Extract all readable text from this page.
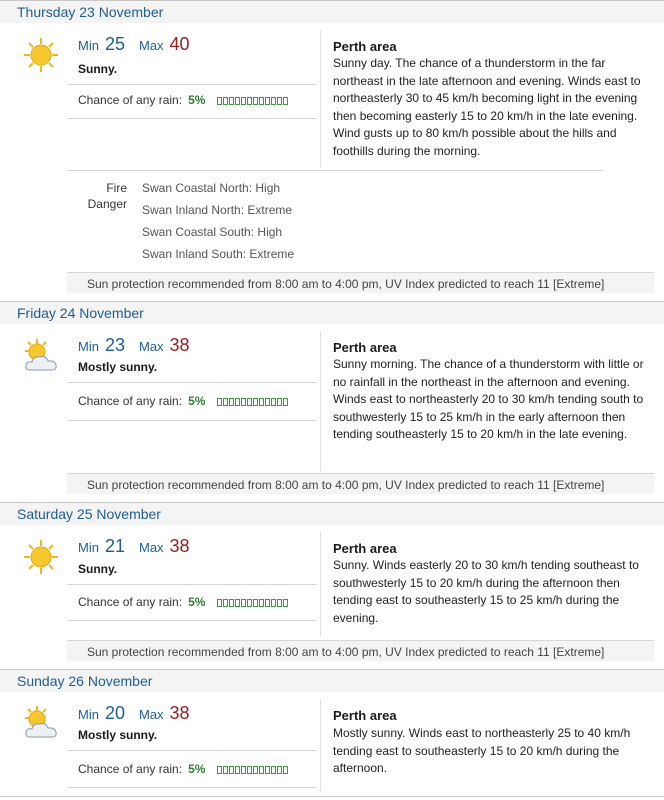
Thursday 23 November
Min 25 Max 40
Sunny.
Chance of any rain: 5%
Perth area
Sunny day. The chance of a thunderstorm in the far northeast in the late afternoon and evening. Winds east to northeasterly 30 to 45 km/h becoming light in the evening then becoming easterly 15 to 20 km/h in the late evening. Wind gusts up to 80 km/h possible about the hills and foothills during the morning.
Fire
Danger
Swan Coastal North: High
Swan Inland North: Extreme
Swan Coastal South: High
Swan Inland South: Extreme
Sun protection recommended from 8:00 am to 4:00 pm, UV Index predicted to reach 11 [Extreme]
Friday 24 November
Min 23 Max 38
Mostly sunny.
Chance of any rain: 5%
Perth area
Sunny morning. The chance of a thunderstorm with little or no rainfall in the northeast in the afternoon and evening. Winds east to northeasterly 20 to 30 km/h tending south to southwesterly 15 to 25 km/h in the early afternoon then tending southeasterly 15 to 20 km/h in the late evening.
Sun protection recommended from 8:00 am to 4:00 pm, UV Index predicted to reach 11 [Extreme]
Saturday 25 November
Min 21 Max 38
Sunny.
Chance of any rain: 5%
Perth area
Sunny. Winds easterly 20 to 30 km/h tending southeast to southwesterly 15 to 20 km/h during the afternoon then tending east to southeasterly 15 to 25 km/h during the evening.
Sun protection recommended from 8:00 am to 4:00 pm, UV Index predicted to reach 11 [Extreme]
Sunday 26 November
Min 20 Max 38
Mostly sunny.
Chance of any rain: 5%
Perth area
Mostly sunny. Winds east to northeasterly 25 to 40 km/h tending east to southeasterly 15 to 20 km/h during the afternoon.
